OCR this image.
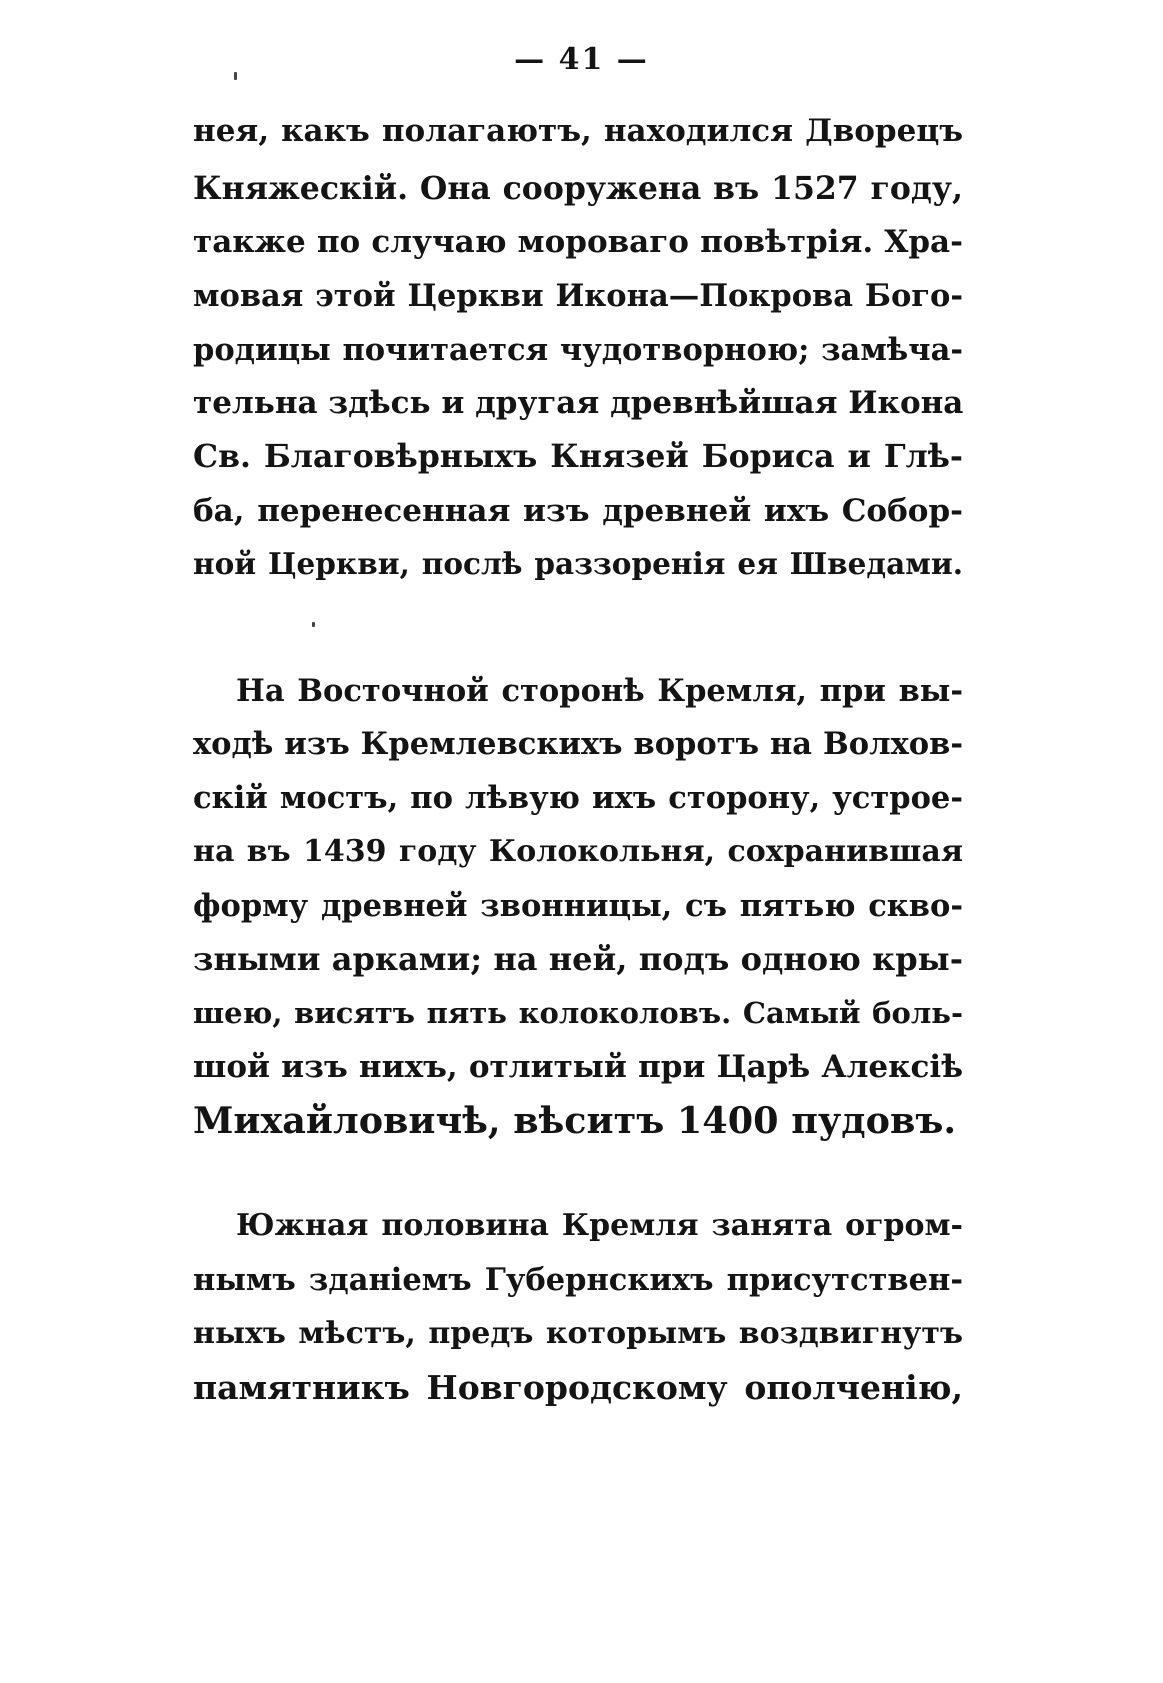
— 41 —
нея, какъ полагаютъ, находился Дворецъ
Княжескій. Она сооружена въ 1527 году,
также по случаю мороваго повѣтрія. Хра-
мовая этой Церкви Икона—Покрова Бого-
родицы почитается чудотворною; замѣча-
тельна здѣсь и другая древнѣйшая Икона
Св. Благовѣрныхъ Князей Бориса и Глѣ-
ба, перенесенная изъ древней ихъ Собор-
ной Церкви, послѣ раззоренія ея Шведами.
На Восточной сторонѣ Кремля, при вы-
ходѣ изъ Кремлевскихъ воротъ на Волхов-
скій мостъ, по лѣвую ихъ сторону, устрое-
на въ 1439 году Колокольня, сохранившая
форму древней звонницы, съ пятью скво-
зными арками; на ней, подъ одною кры-
шею, висятъ пять колоколовъ. Самый боль-
шой изъ нихъ, отлитый при Царѣ Алексіѣ
Михайловичѣ, вѣситъ 1400 пудовъ.
Южная половина Кремля занята огром-
нымъ зданіемъ Губернскихъ присутствен-
ныхъ мѣстъ, предъ которымъ воздвигнутъ
памятникъ Новгородскому ополченію,
